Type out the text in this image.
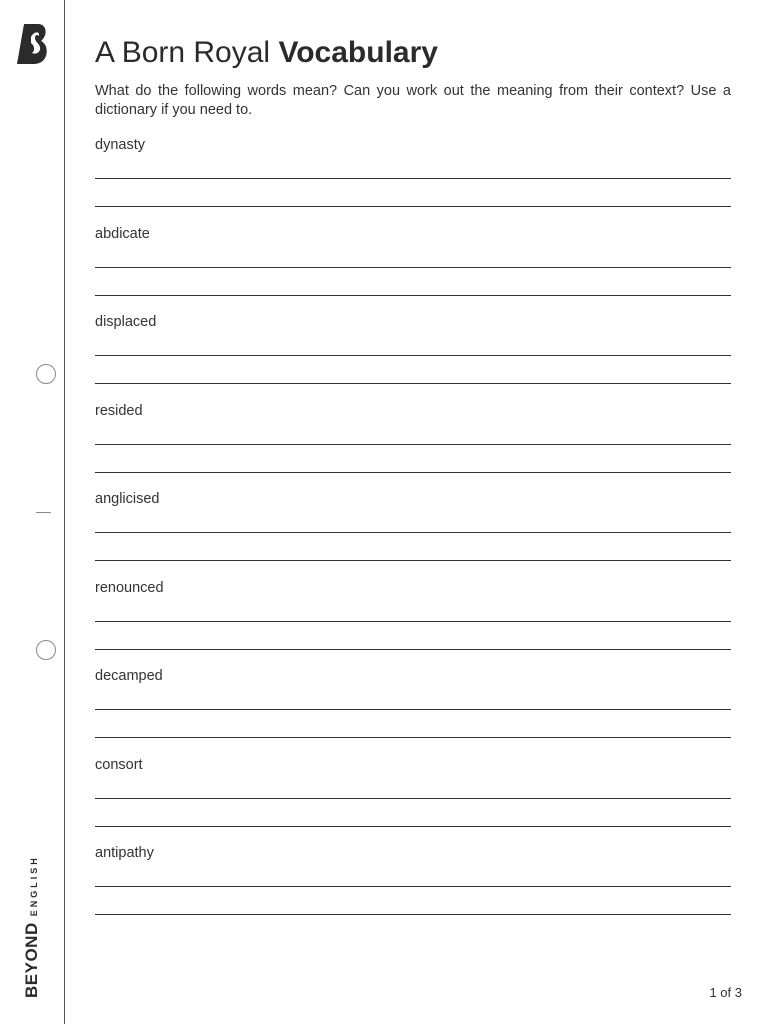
BEYOND
ENGLISH
A Born Royal Vocabulary

What do the following words mean? Can you work out the meaning from their context? Use a dictionary if you need to.

dynasty
abdicate
displaced
resided
anglicised
renounced
decamped
consort
antipathy
1 of 3
